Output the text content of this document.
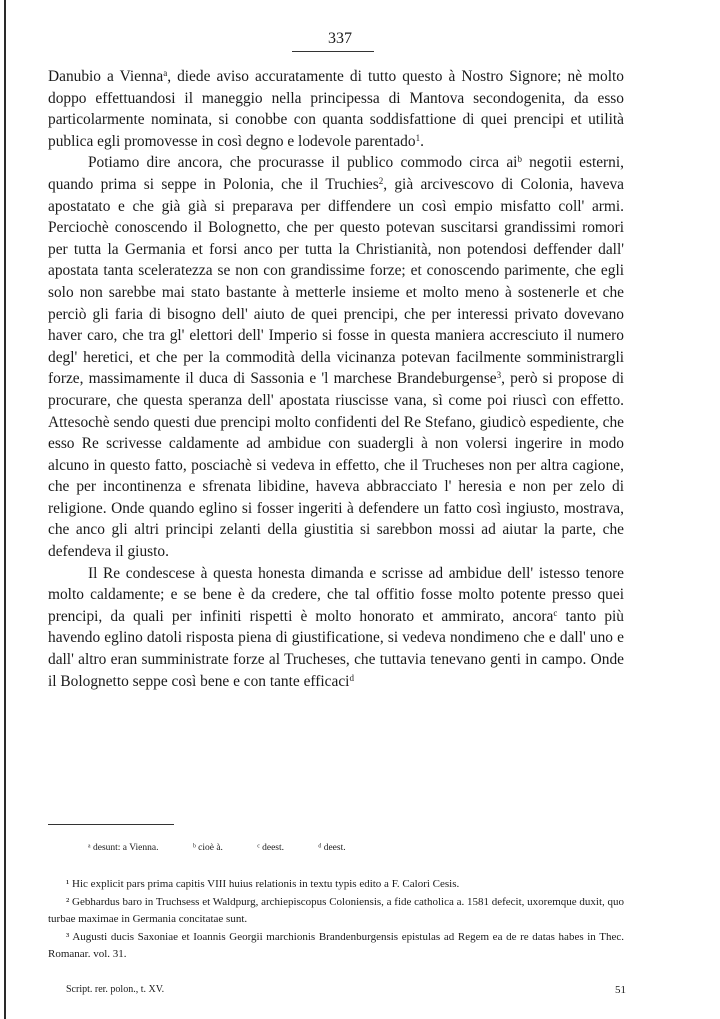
337

Danubio a Vienna$^a$, diede aviso accuratamente di tutto questo à Nostro Signore; nè molto doppo effettuandosi il maneggio nella principessa di Mantova secondogenita, da esso particolarmente nominata, si conobbe con quanta soddisfattione di quei prencipi et utilità publica egli promovesse in così degno e lodevole parentado$^1$.

Potiamo dire ancora, che procurasse il publico commodo circa $ai^b$ negotii esterni, quando prima si seppe in Polonia, che il Truchies$^2$, già arcivescovo di Colonia, haveva apostatato e che già già si preparava per diffendere un così empio misfatto coll' armi. Perciochè conoscendo il Bolognetto, che per questo potevan suscitarsi grandissimi romori per tutta la Germania et forsi anco per tutta la Christianità, non potendosi deffender dall' apostata tanta sceleratezza se non con grandissime forze; et conoscendo parimente, che egli solo non sarebbe mai stato bastante à metterle insieme et molto meno à sostenerle et che perciò gli faria di bisogno dell' aiuto de quei prencipi, che per interessi privato dovevano haver caro, che tra gl' elettori dell' Imperio si fosse in questa maniera accresciuto il numero degl' heretici, et che per la commodità della vicinanza potevan facilmente somministrargli forze, massimamente il duca di Sassonia e 'l marchese Brandeburgense$^3$, però si propose di procurare, che questa speranza dell' apostata riuscisse vana, sì come poi riuscì con effetto. Attesochè sendo questi due prencipi molto confidenti del Re Stefano, giudicò espediente, che esso Re scrivesse caldamente ad ambidue con suadergli à non volersi ingerire in modo alcuno in questo fatto, posciachè si vedeva in effetto, che il Trucheses non per altra cagione, che per incontinenza e sfrenata libidine, haveva abbracciato l' heresia e non per zelo di religione. Onde quando eglino si fosser ingeriti à defendere un fatto così ingiusto, mostrava, che anco gli altri principi zelanti della giustitia si sarebbon mossi ad aiutar la parte, che defendeva il giusto.

Il Re condescese à questa honesta dimanda e scrisse ad ambidue dell' istesso tenore molto caldamente; e se bene è da credere, che tal offitio fosse molto potente presso quei prencipi, da quali per infiniti rispetti è molto honorato et ammirato, ancora$^c$ tanto più havendo eglino datoli risposta piena di giustificatione, si vedeva nondimeno che e dall' uno e dall' altro eran sumministrate forze al Trucheses, che tuttavia tenevano genti in campo. Onde il Bolognetto seppe così bene e con tante efficaci$^d$

ᵃ desunt: a Vienna.	ᵇ cioè à.	ᶜ deest.	ᵈ deest.

¹ Hic explicit pars prima capitis VIII huius relationis in textu typis edito a F. Calori Cesis.

² Gebhardus baro in Truchsess et Waldpurg, archiepiscopus Coloniensis, a fide catholica a. 1581 defecit, uxoremque duxit, quo turbae maximae in Germania concitatae sunt.

³ Augusti ducis Saxoniae et Ioannis Georgii marchionis Brandenburgensis epistulas ad Regem ea de re datas habes in Thec. Romanar. vol. 31.

Script. rer. polon., t. XV.	51
